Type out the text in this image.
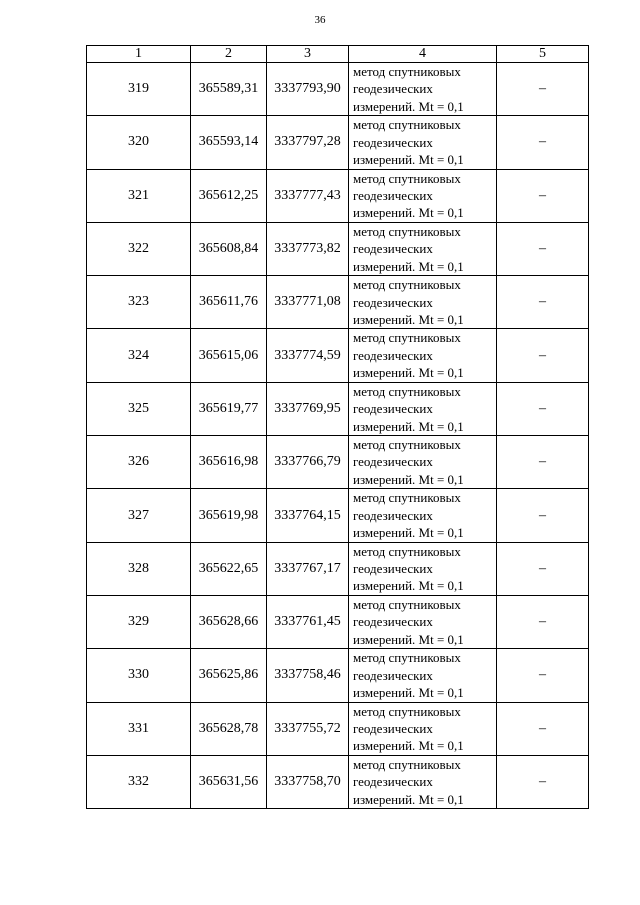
36
1	2	3	4	5
319	365589,31	3337793,90	метод спутниковых
геодезических
измерений. Mt = 0,1	–
320	365593,14	3337797,28	метод спутниковых
геодезических
измерений. Mt = 0,1	–
321	365612,25	3337777,43	метод спутниковых
геодезических
измерений. Mt = 0,1	–
322	365608,84	3337773,82	метод спутниковых
геодезических
измерений. Mt = 0,1	–
323	365611,76	3337771,08	метод спутниковых
геодезических
измерений. Mt = 0,1	–
324	365615,06	3337774,59	метод спутниковых
геодезических
измерений. Mt = 0,1	–
325	365619,77	3337769,95	метод спутниковых
геодезических
измерений. Mt = 0,1	–
326	365616,98	3337766,79	метод спутниковых
геодезических
измерений. Mt = 0,1	–
327	365619,98	3337764,15	метод спутниковых
геодезических
измерений. Mt = 0,1	–
328	365622,65	3337767,17	метод спутниковых
геодезических
измерений. Mt = 0,1	–
329	365628,66	3337761,45	метод спутниковых
геодезических
измерений. Mt = 0,1	–
330	365625,86	3337758,46	метод спутниковых
геодезических
измерений. Mt = 0,1	–
331	365628,78	3337755,72	метод спутниковых
геодезических
измерений. Mt = 0,1	–
332	365631,56	3337758,70	метод спутниковых
геодезических
измерений. Mt = 0,1	–
